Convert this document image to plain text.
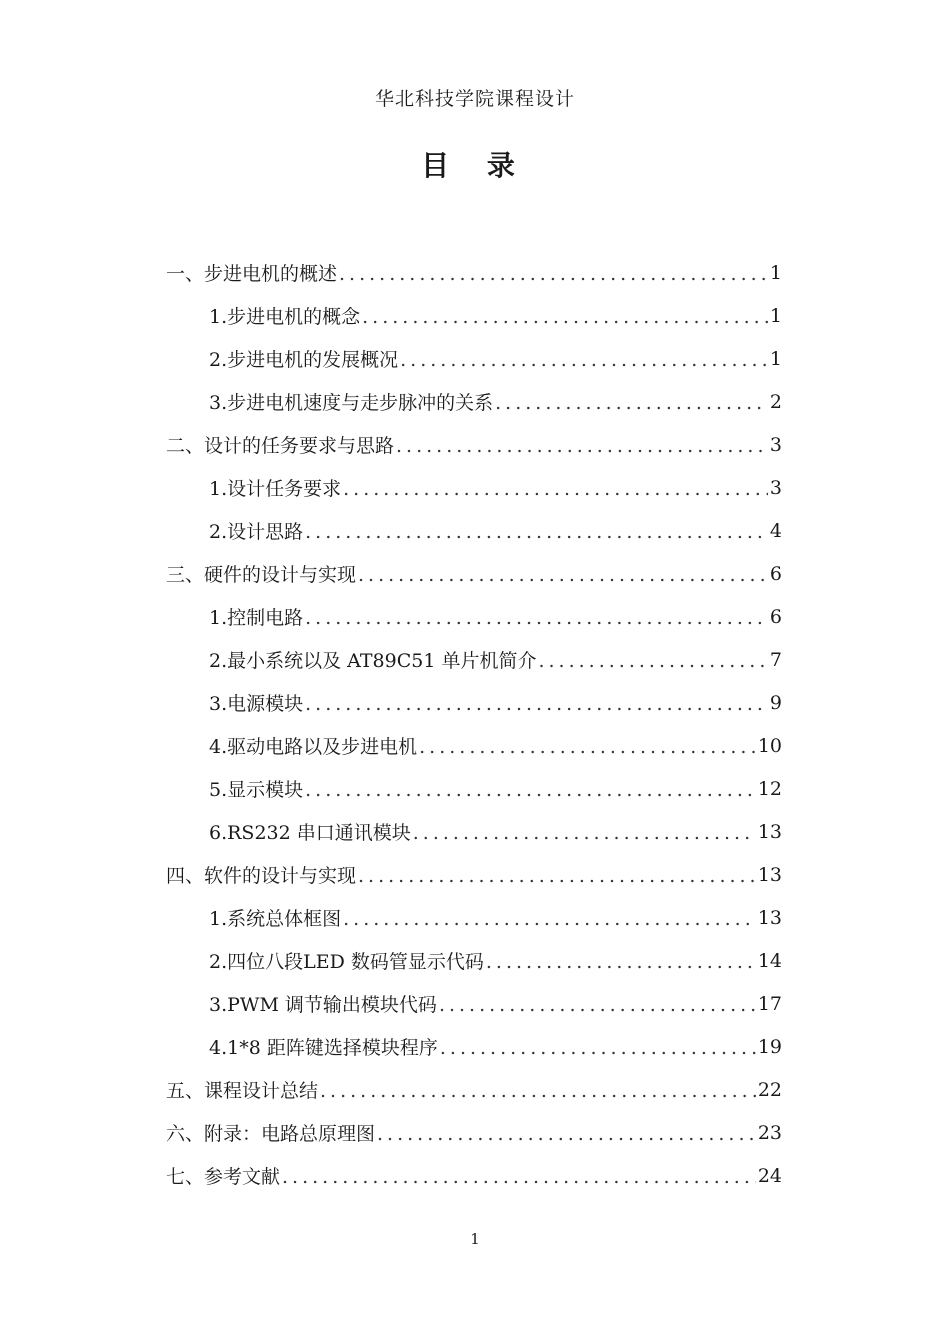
华北科技学院课程设计
目 录
一、步进电机的概述 .....	1
1.步进电机的概念 .....	1
2.步进电机的发展概况 .....	1
3.步进电机速度与走步脉冲的关系 .....	2
二、设计的任务要求与思路 .....	3
1.设计任务要求 .....	3
2.设计思路 .....	4
三、硬件的设计与实现 .....	6
1.控制电路 .....	6
2.最小系统以及 AT89C51 单片机简介 .....	7
3.电源模块 .....	9
4.驱动电路以及步进电机 .....	10
5.显示模块 .....	12
6.RS232 串口通讯模块 .....	13
四、软件的设计与实现 .....	13
1.系统总体框图 .....	13
2.四位八段LED 数码管显示代码 .....	14
3.PWM 调节输出模块代码 .....	17
4.1*8 距阵键选择模块程序 .....	19
五、课程设计总结 .....	22
六、附录：电路总原理图 .....	23
七、参考文献 .....	24
1
